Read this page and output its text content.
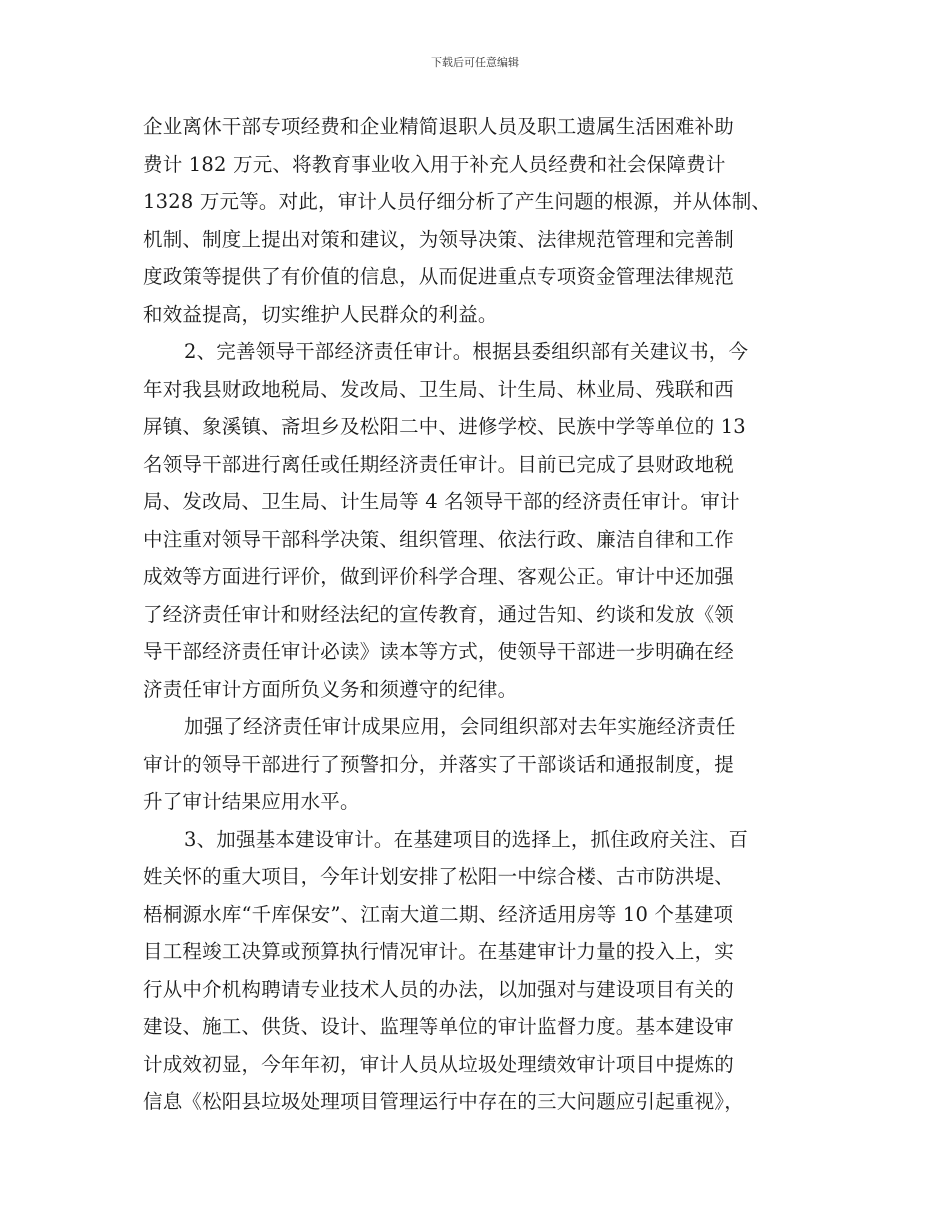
下载后可任意编辑

企业离休干部专项经费和企业精简退职人员及职工遗属生活困难补助
费计 182 万元、将教育事业收入用于补充人员经费和社会保障费计
1328 万元等。对此，审计人员仔细分析了产生问题的根源，并从体制、
机制、制度上提出对策和建议，为领导决策、法律规范管理和完善制
度政策等提供了有价值的信息，从而促进重点专项资金管理法律规范
和效益提高，切实维护人民群众的利益。

2、完善领导干部经济责任审计。根据县委组织部有关建议书，今
年对我县财政地税局、发改局、卫生局、计生局、林业局、残联和西
屏镇、象溪镇、斋坦乡及松阳二中、进修学校、民族中学等单位的 13
名领导干部进行离任或任期经济责任审计。目前已完成了县财政地税
局、发改局、卫生局、计生局等 4 名领导干部的经济责任审计。审计
中注重对领导干部科学决策、组织管理、依法行政、廉洁自律和工作
成效等方面进行评价，做到评价科学合理、客观公正。审计中还加强
了经济责任审计和财经法纪的宣传教育，通过告知、约谈和发放《领
导干部经济责任审计必读》读本等方式，使领导干部进一步明确在经
济责任审计方面所负义务和须遵守的纪律。

加强了经济责任审计成果应用，会同组织部对去年实施经济责任
审计的领导干部进行了预警扣分，并落实了干部谈话和通报制度，提
升了审计结果应用水平。

3、加强基本建设审计。在基建项目的选择上，抓住政府关注、百
姓关怀的重大项目，今年计划安排了松阳一中综合楼、古市防洪堤、
梧桐源水库“千库保安”、江南大道二期、经济适用房等 10 个基建项
目工程竣工决算或预算执行情况审计。在基建审计力量的投入上，实
行从中介机构聘请专业技术人员的办法，以加强对与建设项目有关的
建设、施工、供货、设计、监理等单位的审计监督力度。基本建设审
计成效初显，今年年初，审计人员从垃圾处理绩效审计项目中提炼的
信息《松阳县垃圾处理项目管理运行中存在的三大问题应引起重视》，
